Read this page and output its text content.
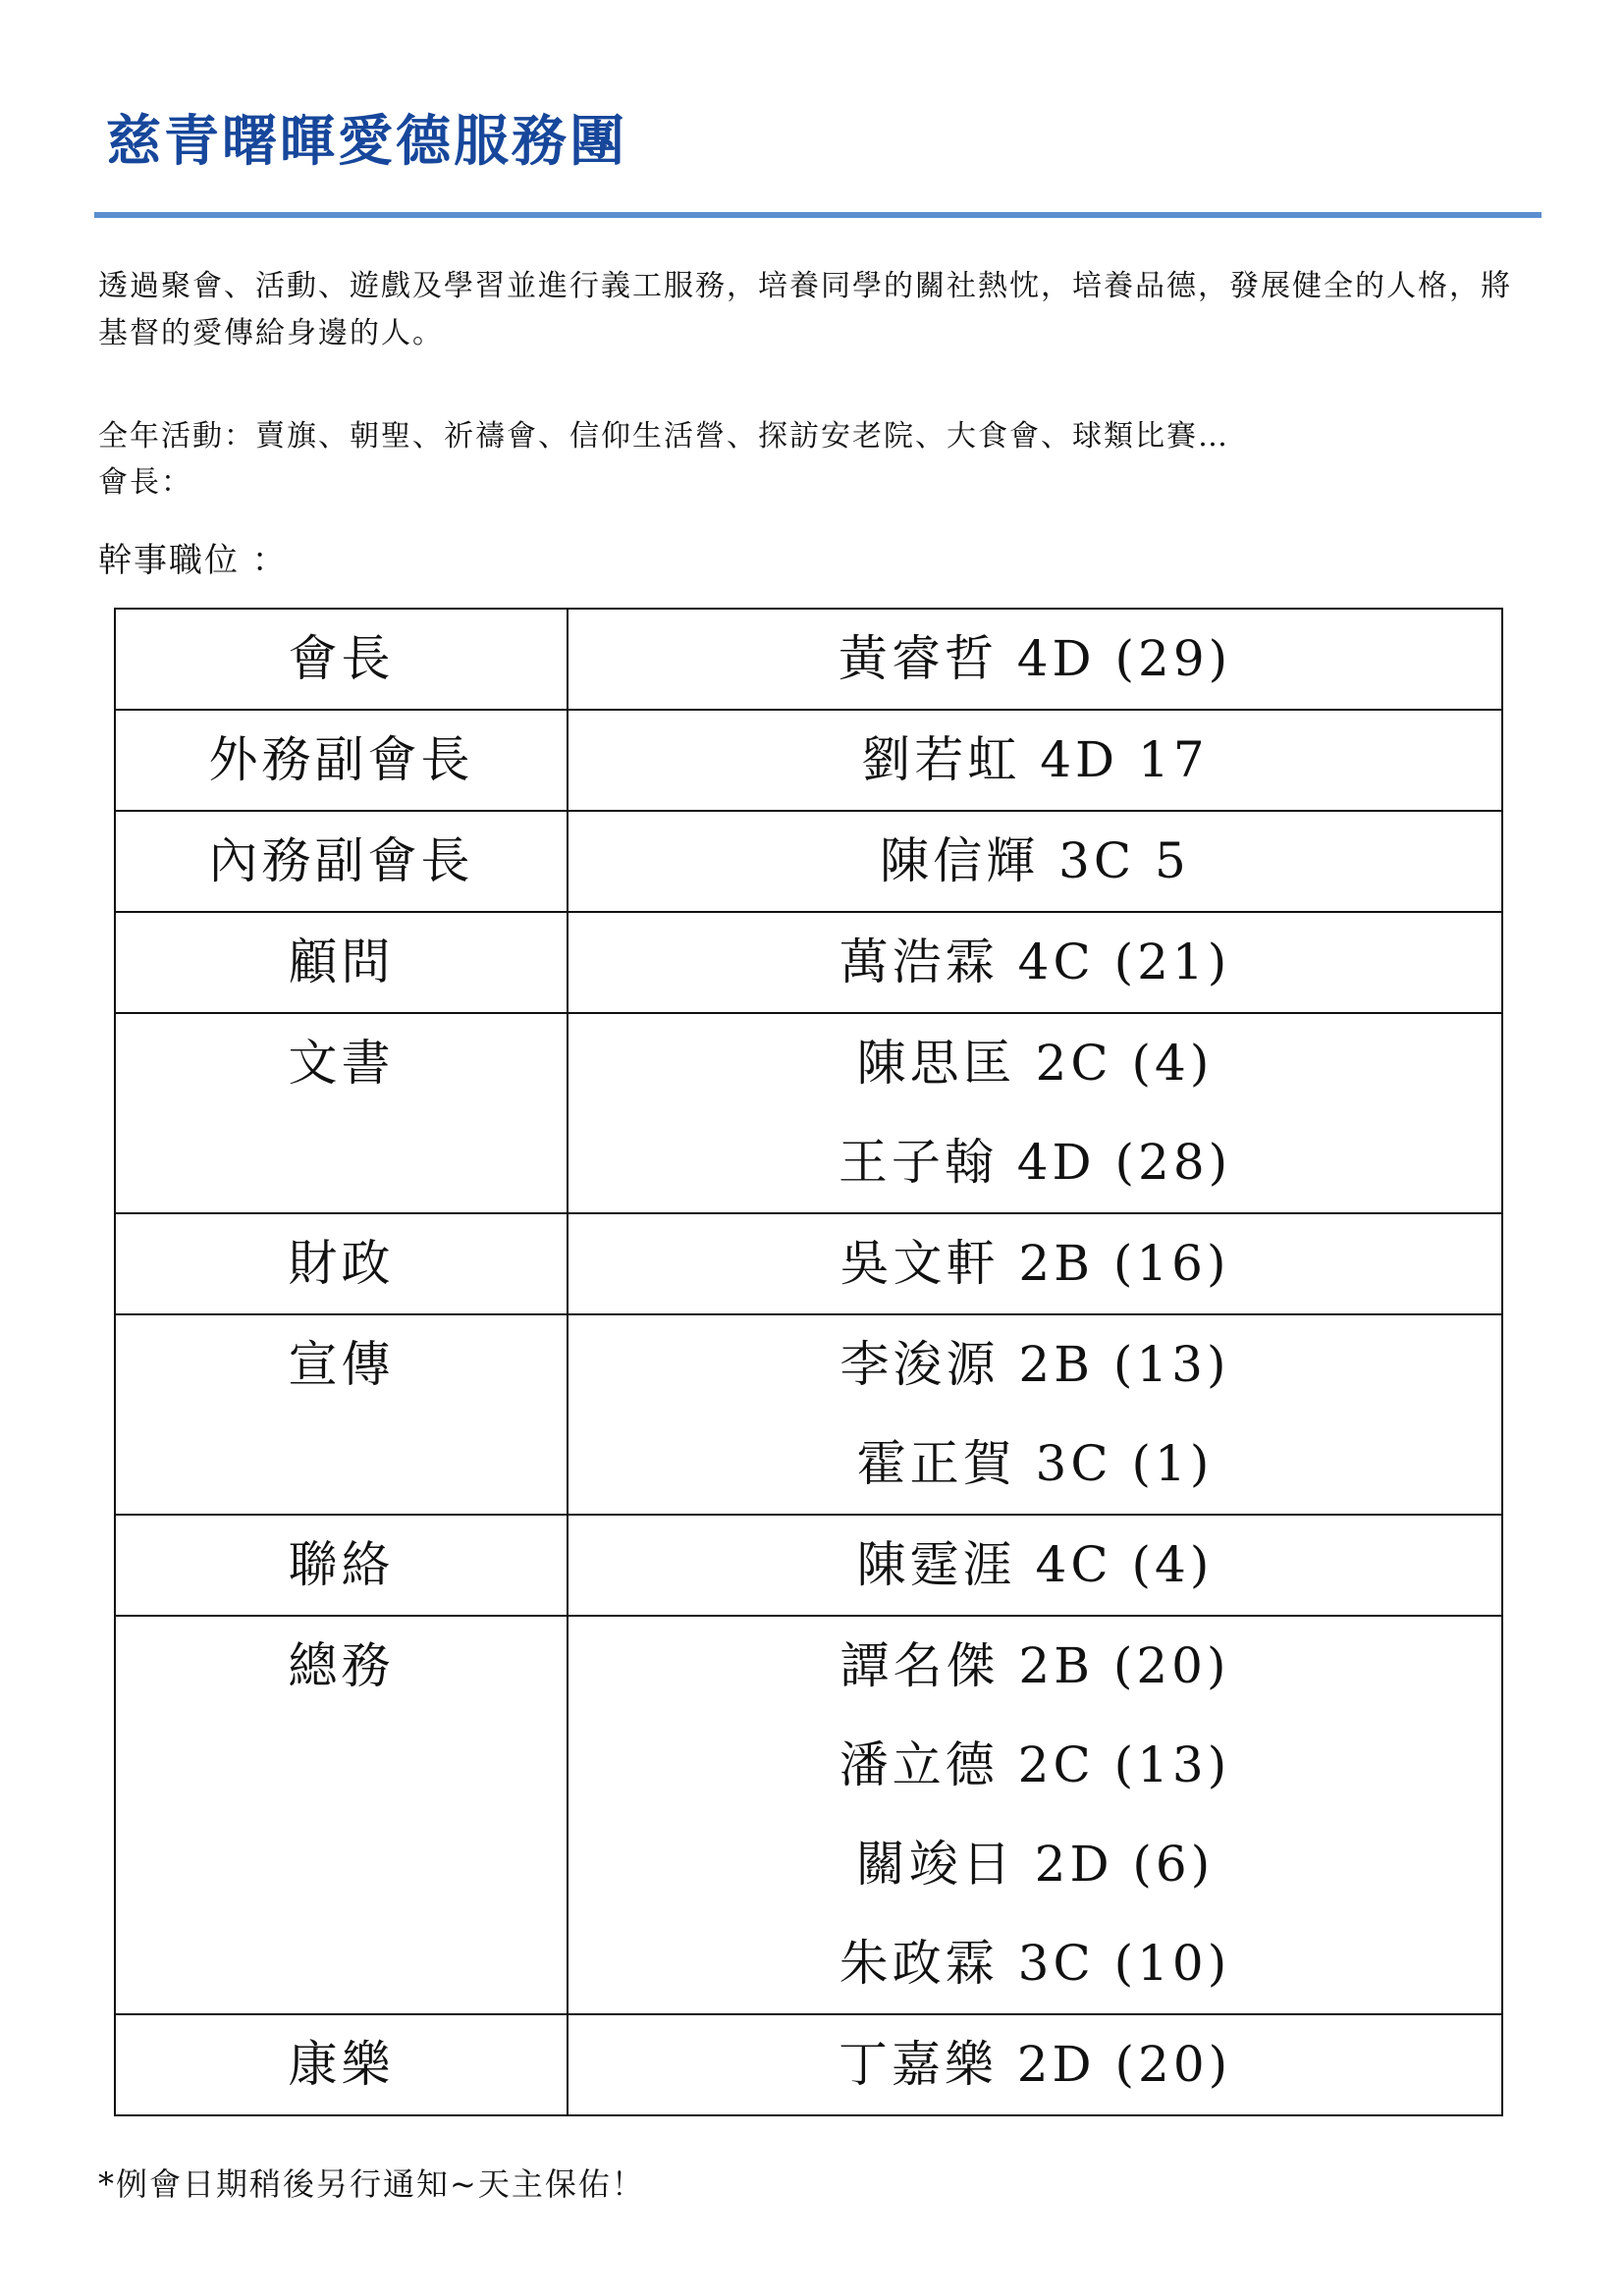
慈青曙暉愛德服務團
透過聚會、活動、遊戲及學習並進行義工服務，培養同學的關社熱忱，培養品德，發展健全的人格，將基督的愛傳給身邊的人。
全年活動：賣旗、朝聖、祈禱會、信仰生活營、探訪安老院、大食會、球類比賽…
會長：
幹事職位 ：
會長	黃睿哲 4D (29)

外務副會長	劉若虹 4D 17

內務副會長	陳信輝 3C 5

顧問	萬浩霖 4C (21)

文書	陳思匡 2C (4)
王子翰 4D (28)

財政	吳文軒 2B (16)

宣傳	李浚源 2B (13)
霍正賀 3C (1)

聯絡	陳霆涯 4C (4)

總務	譚名傑 2B (20)
潘立德 2C (13)
關竣日 2D (6)
朱政霖 3C (10)

康樂	丁嘉樂 2D (20)
*例會日期稍後另行通知~天主保佑！
